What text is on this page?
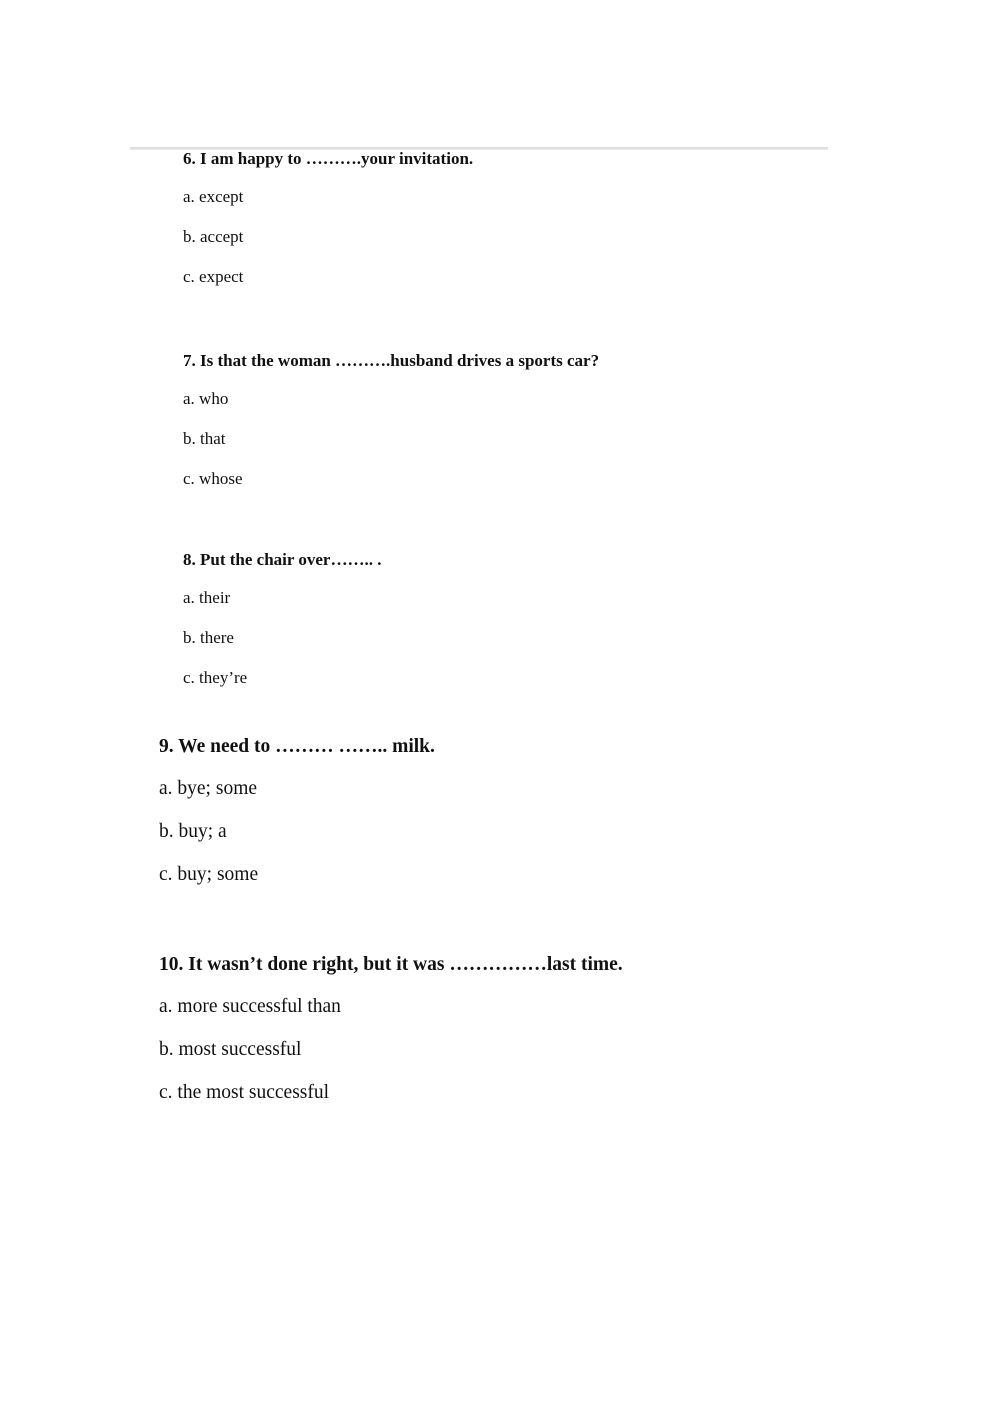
6. I am happy to ……….your invitation.
a. except
b. accept
c. expect
7. Is that the woman ……….husband drives a sports car?
a. who
b. that
c. whose
8. Put the chair over…….. .
a. their
b. there
c. they’re
9. We need to ……… …….. milk.
a. bye; some
b. buy; a
c. buy; some
10. It wasn’t done right, but it was ……………last time.
a. more successful than
b. most successful
c. the most successful
